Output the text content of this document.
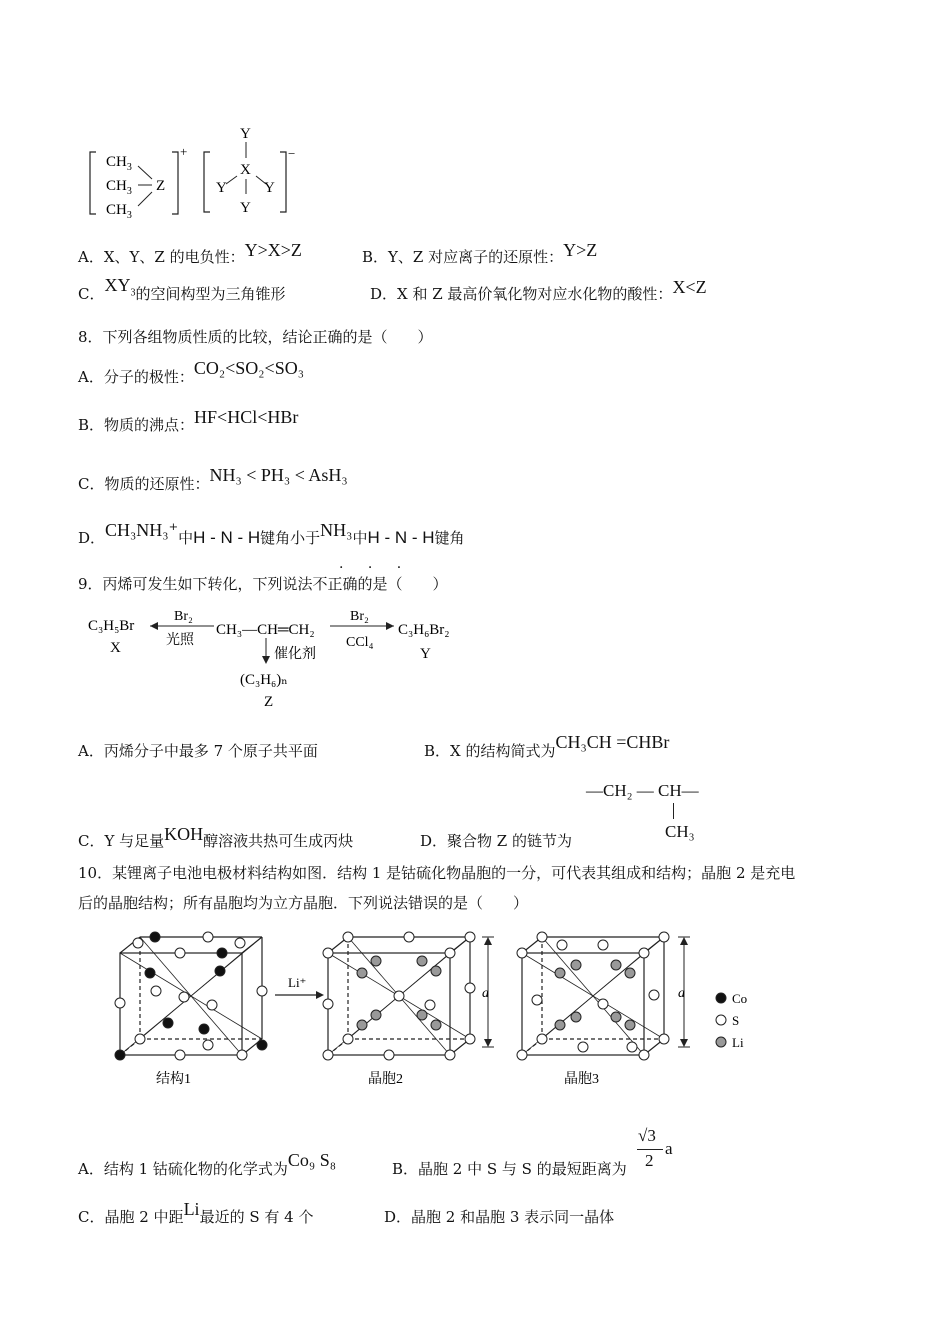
$CH_3$
$CH_3$
$CH_3$
Z
+
Y
X
Y Y
Y
−
A．X、Y、Z 的电负性：Y>X>Z	B．Y、Z 对应离子的还原性：Y>Z
C．$XY_3$的空间构型为三角锥形	D．X 和 Z 最高价氧化物对应水化物的酸性：X<Z
8．下列各组物质性质的比较，结论正确的是（　　）
A．分子的极性：CO₂<SO₂<SO₃
B．物质的沸点：HF<HCl<HBr
C．物质的还原性：NH₃ < PH₃ < AsH₃
D．CH₃NH₃⁺中H - N - H键角小于NH₃中H - N - H键角
9．丙烯可发生如下转化，下列说法不正确的是（　　）
· · ·
C₃H₅Br
X
Br₂
光照
CH₃—CH═CH₂
Br₂
CCl₄
C₃H₆Br₂
Y
催化剂
(C₃H₆)ₙ
Z
A．丙烯分子中最多 7 个原子共平面	B．X 的结构简式为CH₃CH =CHBr
—CH₂ — CH—
CH₃
C．Y 与足量KOH醇溶液共热可生成丙炔	D．聚合物 Z 的链节为
10．某锂离子电池电极材料结构如图．结构 1 是钴硫化物晶胞的一分，可代表其组成和结构；晶胞 2 是充电
后的晶胞结构；所有晶胞均为立方晶胞．下列说法错误的是（　　）
结构1
Li⁺
晶胞2
a
晶胞3
a	Co
S
Li
A．结构 1 钴硫化物的化学式为Co₉ S₈	B．晶胞 2 中 S 与 S 的最短距离为
√3
2
a
C．晶胞 2 中距Li最近的 S 有 4 个	D．晶胞 2 和晶胞 3 表示同一晶体
